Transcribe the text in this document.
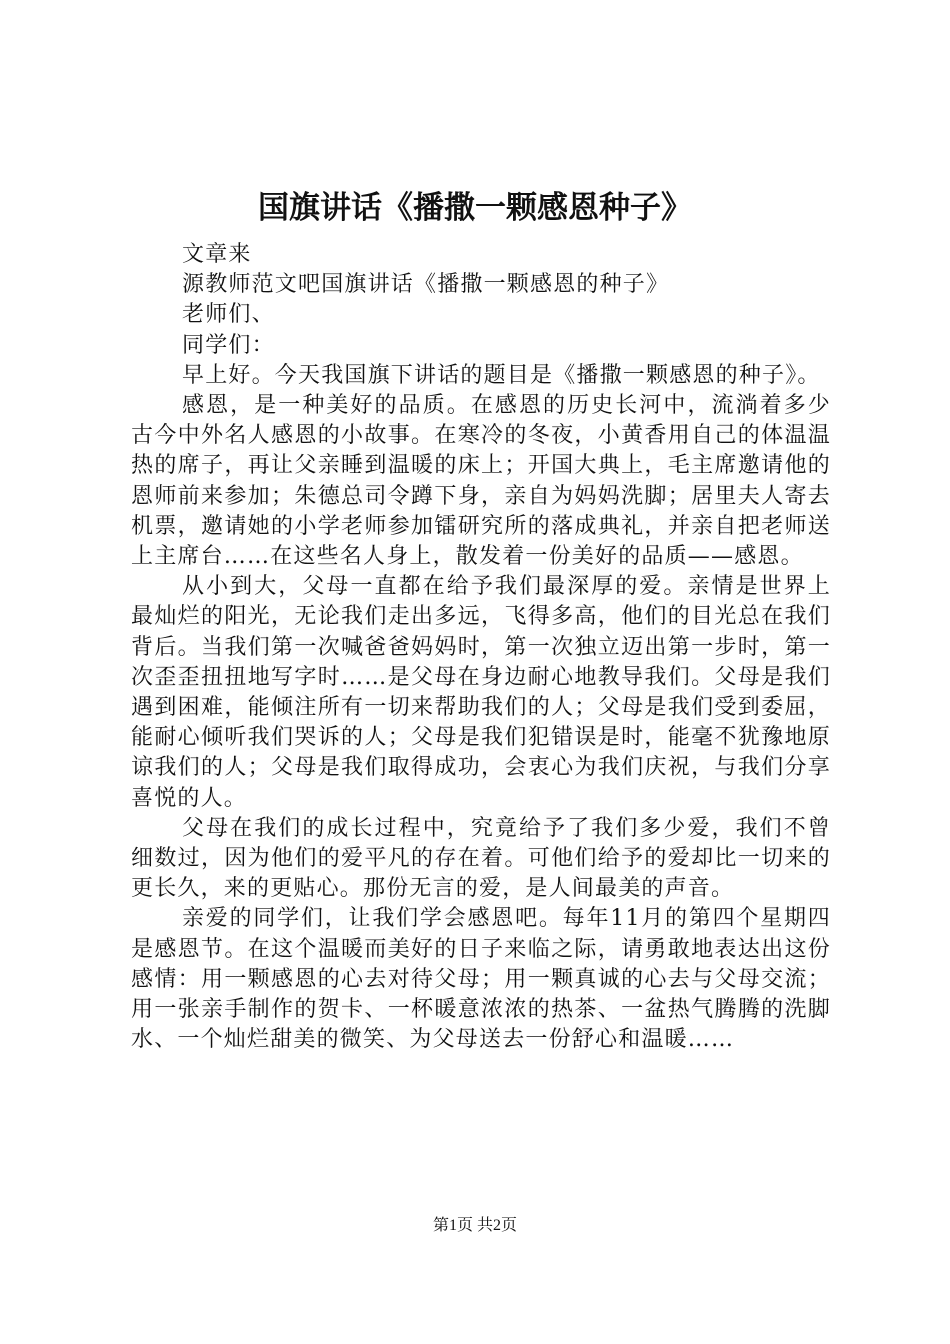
国旗讲话《播撒一颗感恩种子》

文章来

源教师范文吧国旗讲话《播撒一颗感恩的种子》

老师们、

同学们：

早上好。今天我国旗下讲话的题目是《播撒一颗感恩的种子》。

感恩，是一种美好的品质。在感恩的历史长河中，流淌着多少古今中外名人感恩的小故事。在寒冷的冬夜，小黄香用自己的体温温热的席子，再让父亲睡到温暖的床上；开国大典上，毛主席邀请他的恩师前来参加；朱德总司令蹲下身，亲自为妈妈洗脚；居里夫人寄去机票，邀请她的小学老师参加镭研究所的落成典礼，并亲自把老师送上主席台……在这些名人身上，散发着一份美好的品质——感恩。

从小到大，父母一直都在给予我们最深厚的爱。亲情是世界上最灿烂的阳光，无论我们走出多远，飞得多高，他们的目光总在我们背后。当我们第一次喊爸爸妈妈时，第一次独立迈出第一步时，第一次歪歪扭扭地写字时……是父母在身边耐心地教导我们。父母是我们遇到困难，能倾注所有一切来帮助我们的人；父母是我们受到委屈，能耐心倾听我们哭诉的人；父母是我们犯错误是时，能毫不犹豫地原谅我们的人；父母是我们取得成功，会衷心为我们庆祝，与我们分享喜悦的人。

父母在我们的成长过程中，究竟给予了我们多少爱，我们不曾细数过，因为他们的爱平凡的存在着。可他们给予的爱却比一切来的更长久，来的更贴心。那份无言的爱，是人间最美的声音。

亲爱的同学们，让我们学会感恩吧。每年11月的第四个星期四是感恩节。在这个温暖而美好的日子来临之际，请勇敢地表达出这份感情：用一颗感恩的心去对待父母；用一颗真诚的心去与父母交流；用一张亲手制作的贺卡、一杯暖意浓浓的热茶、一盆热气腾腾的洗脚水、一个灿烂甜美的微笑、为父母送去一份舒心和温暖……

第1页 共2页
